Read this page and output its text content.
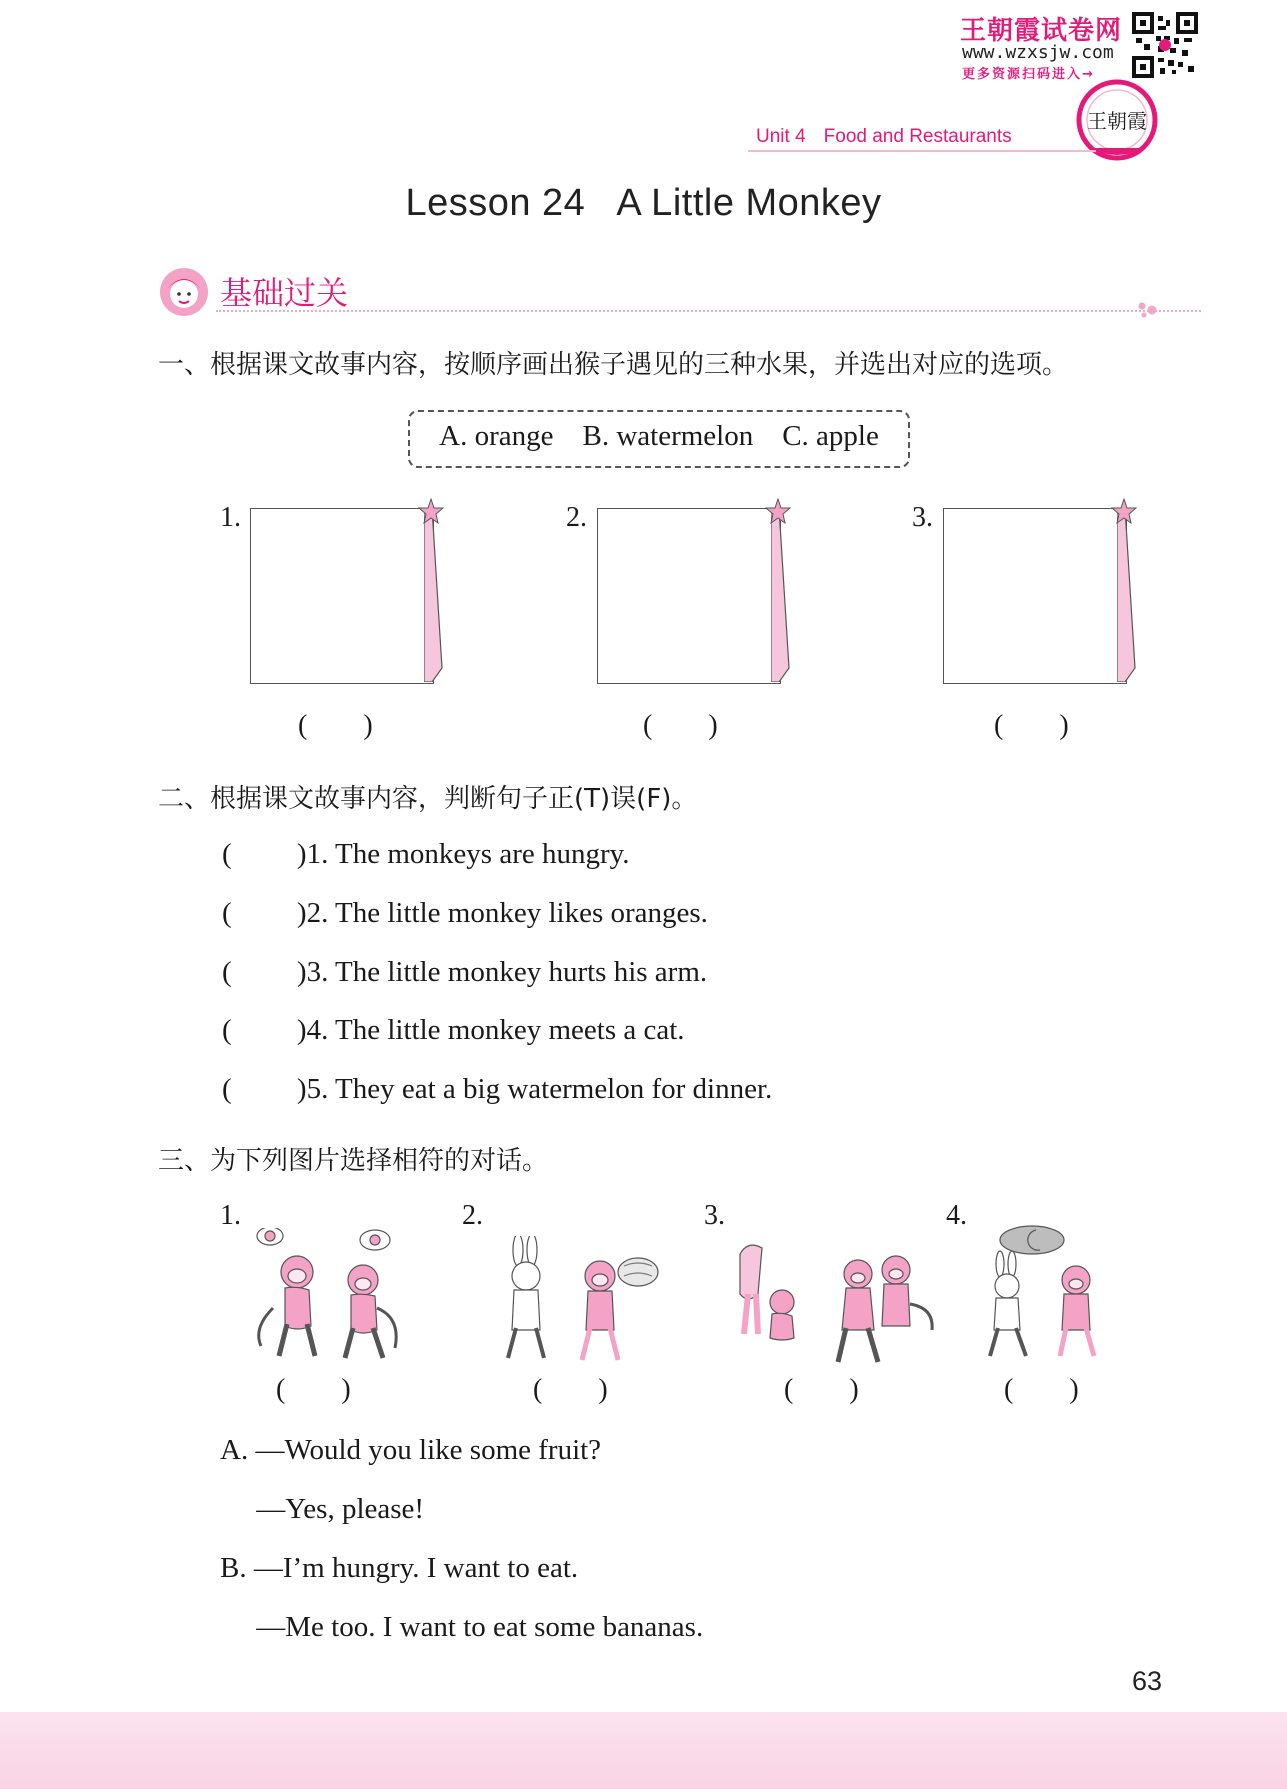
王朝霞试卷网
www.wzxsjw.com
更多资源扫码进入→
王朝霞
Unit 4 Food and Restaurants
Lesson 24   A Little Monkey
基础过关
一、根据课文故事内容，按顺序画出猴子遇见的三种水果，并选出对应的选项。
A. orange    B. watermelon    C. apple
1.
(        )
2.
(        )
3.
(        )
二、根据课文故事内容，判断句子正(T)误(F)。
(         )1. The monkeys are hungry.
(         )2. The little monkey likes oranges.
(         )3. The little monkey hurts his arm.
(         )4. The little monkey meets a cat.
(         )5. They eat a big watermelon for dinner.
三、为下列图片选择相符的对话。
1.
(        )
2.
(        )
3.
(        )
4.
(        )
A. —Would you like some fruit?
—Yes, please!
B. —I’m hungry. I want to eat.
—Me too. I want to eat some bananas.
63
